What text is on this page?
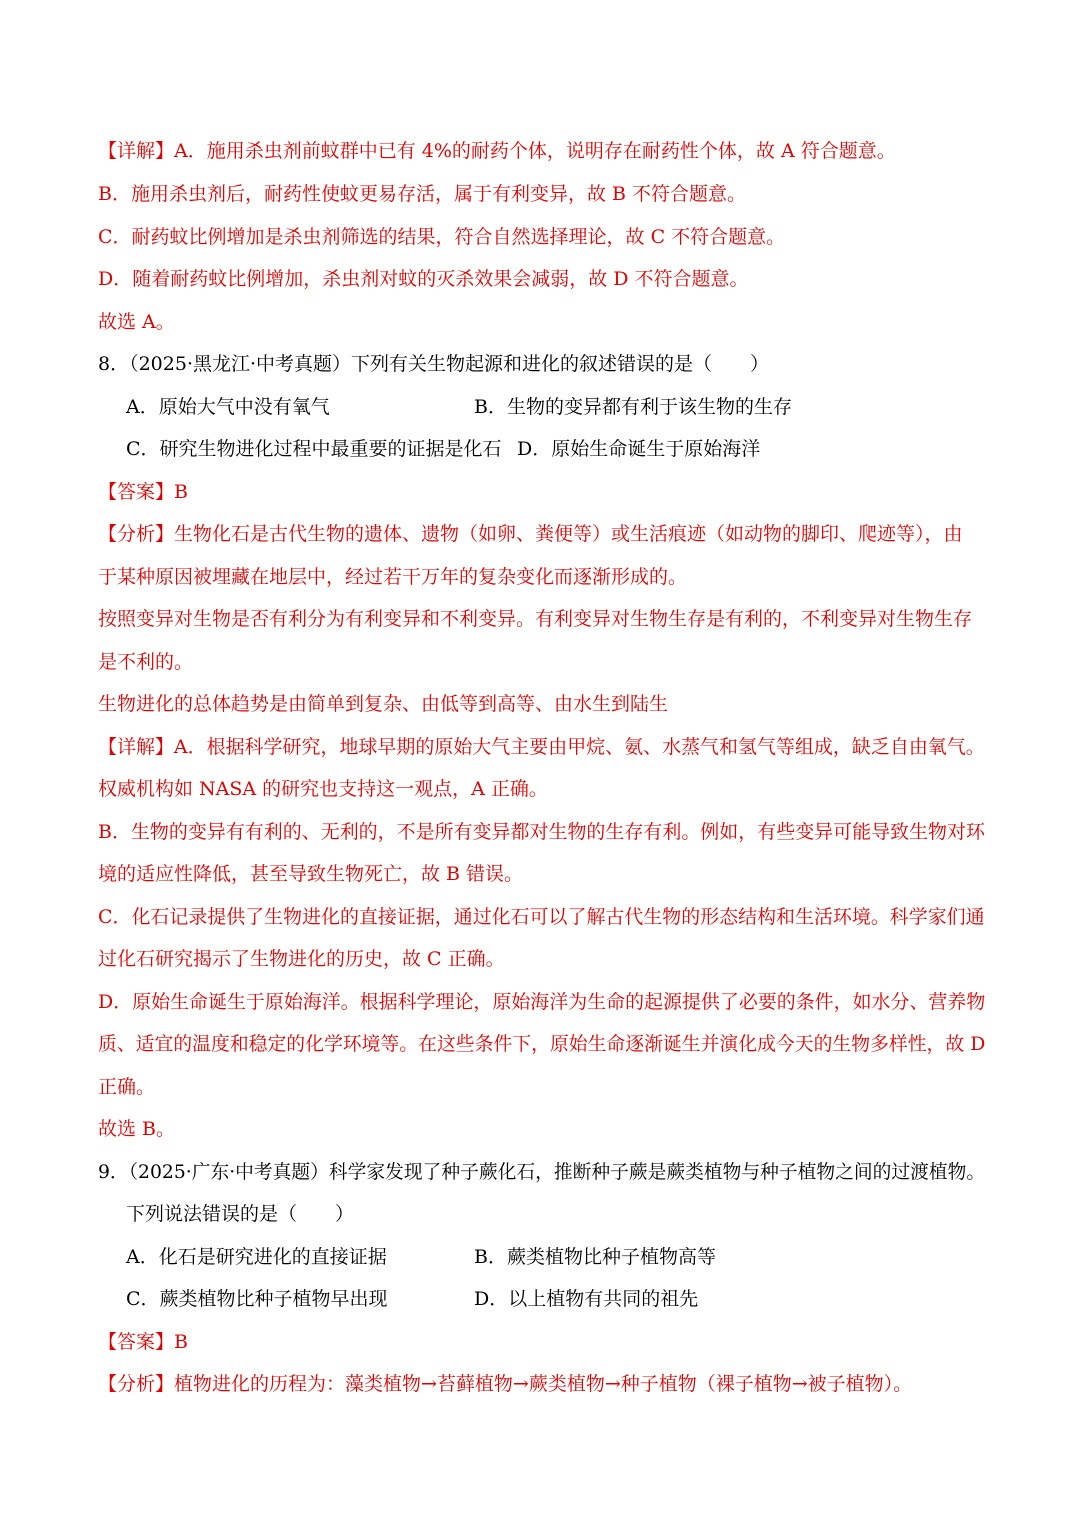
【详解】A．施用杀虫剂前蚊群中已有 4%的耐药个体，说明存在耐药性个体，故 A 符合题意。
B．施用杀虫剂后，耐药性使蚊更易存活，属于有利变异，故 B 不符合题意。
C．耐药蚊比例增加是杀虫剂筛选的结果，符合自然选择理论，故 C 不符合题意。
D．随着耐药蚊比例增加，杀虫剂对蚊的灭杀效果会减弱，故 D 不符合题意。
故选 A。
8．（2025·黑龙江·中考真题）下列有关生物起源和进化的叙述错误的是（　　）
A．原始大气中没有氧气	B．生物的变异都有利于该生物的生存
C．研究生物进化过程中最重要的证据是化石 D．原始生命诞生于原始海洋
【答案】B
【分析】生物化石是古代生物的遗体、遗物（如卵、粪便等）或生活痕迹（如动物的脚印、爬迹等），由
于某种原因被埋藏在地层中，经过若干万年的复杂变化而逐渐形成的。
按照变异对生物是否有利分为有利变异和不利变异。有利变异对生物生存是有利的，不利变异对生物生存
是不利的。
生物进化的总体趋势是由简单到复杂、由低等到高等、由水生到陆生
【详解】A．根据科学研究，地球早期的原始大气主要由甲烷、氨、水蒸气和氢气等组成，缺乏自由氧气。
权威机构如 NASA 的研究也支持这一观点，A 正确。
B．生物的变异有有利的、无利的，不是所有变异都对生物的生存有利。例如，有些变异可能导致生物对环
境的适应性降低，甚至导致生物死亡，故 B 错误。
C．化石记录提供了生物进化的直接证据，通过化石可以了解古代生物的形态结构和生活环境。科学家们通
过化石研究揭示了生物进化的历史，故 C 正确。
D．原始生命诞生于原始海洋。根据科学理论，原始海洋为生命的起源提供了必要的条件，如水分、营养物
质、适宜的温度和稳定的化学环境等。在这些条件下，原始生命逐渐诞生并演化成今天的生物多样性，故 D
正确。
故选 B。
9．（2025·广东·中考真题）科学家发现了种子蕨化石，推断种子蕨是蕨类植物与种子植物之间的过渡植物。
下列说法错误的是（　　）
A．化石是研究进化的直接证据	B．蕨类植物比种子植物高等
C．蕨类植物比种子植物早出现	D．以上植物有共同的祖先
【答案】B
【分析】植物进化的历程为：藻类植物→苔藓植物→蕨类植物→种子植物（裸子植物→被子植物）。
